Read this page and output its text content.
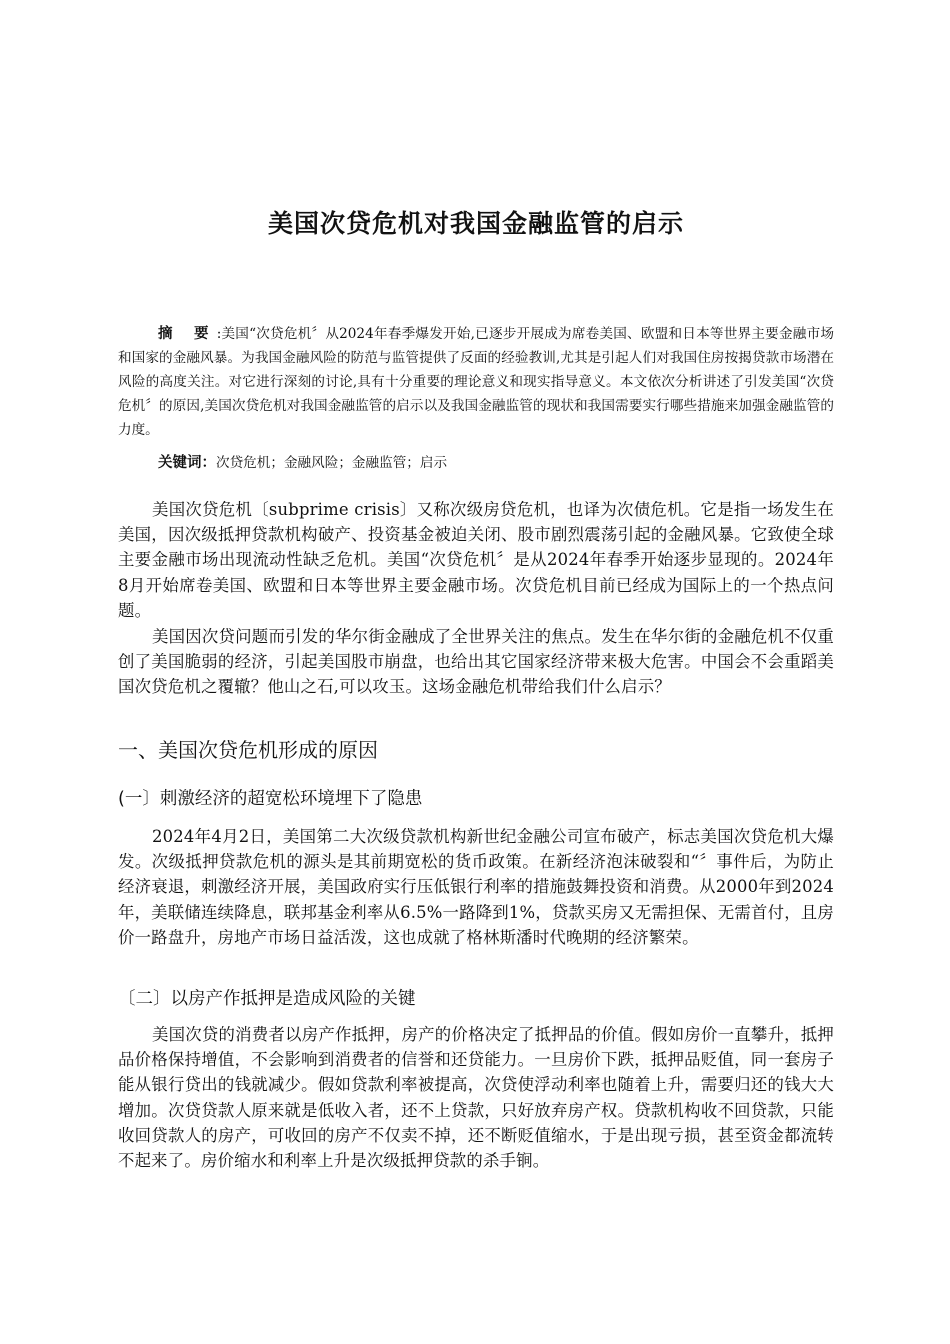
美国次贷危机对我国金融监管的启示
摘 要:美国“次贷危机〞从2024年春季爆发开始,已逐步开展成为席卷美国、欧盟和日本等世界主要金融市场和国家的金融风暴。为我国金融风险的防范与监管提供了反面的经验教训,尤其是引起人们对我国住房按揭贷款市场潜在风险的高度关注。对它进行深刻的讨论,具有十分重要的理论意义和现实指导意义。本文依次分析讲述了引发美国“次贷危机〞的原因,美国次贷危机对我国金融监管的启示以及我国金融监管的现状和我国需要实行哪些措施来加强金融监管的力度。
关键词：次贷危机；金融风险；金融监管；启示
美国次贷危机〔subprime crisis〕又称次级房贷危机，也译为次债危机。它是指一场发生在美国，因次级抵押贷款机构破产、投资基金被迫关闭、股市剧烈震荡引起的金融风暴。它致使全球主要金融市场出现流动性缺乏危机。美国“次贷危机〞是从2024年春季开始逐步显现的。2024年8月开始席卷美国、欧盟和日本等世界主要金融市场。次贷危机目前已经成为国际上的一个热点问题。
美国因次贷问题而引发的华尔街金融成了全世界关注的焦点。发生在华尔街的金融危机不仅重创了美国脆弱的经济，引起美国股市崩盘，也给出其它国家经济带来极大危害。中国会不会重蹈美国次贷危机之覆辙？他山之石,可以攻玉。这场金融危机带给我们什么启示？
一、美国次贷危机形成的原因
(一〕刺激经济的超宽松环境埋下了隐患
2024年4月2日，美国第二大次级贷款机构新世纪金融公司宣布破产，标志美国次贷危机大爆发。次级抵押贷款危机的源头是其前期宽松的货币政策。在新经济泡沫破裂和“〞事件后，为防止经济衰退，刺激经济开展，美国政府实行压低银行利率的措施鼓舞投资和消费。从2000年到2024年，美联储连续降息，联邦基金利率从6.5%一路降到1%，贷款买房又无需担保、无需首付，且房价一路盘升，房地产市场日益活泼，这也成就了格林斯潘时代晚期的经济繁荣。
〔二〕以房产作抵押是造成风险的关键
美国次贷的消费者以房产作抵押，房产的价格决定了抵押品的价值。假如房价一直攀升，抵押品价格保持增值，不会影响到消费者的信誉和还贷能力。一旦房价下跌，抵押品贬值，同一套房子能从银行贷出的钱就减少。假如贷款利率被提高，次贷使浮动利率也随着上升，需要归还的钱大大增加。次贷贷款人原来就是低收入者，还不上贷款，只好放弃房产权。贷款机构收不回贷款，只能收回贷款人的房产，可收回的房产不仅卖不掉，还不断贬值缩水，于是出现亏损，甚至资金都流转不起来了。房价缩水和利率上升是次级抵押贷款的杀手锏。
